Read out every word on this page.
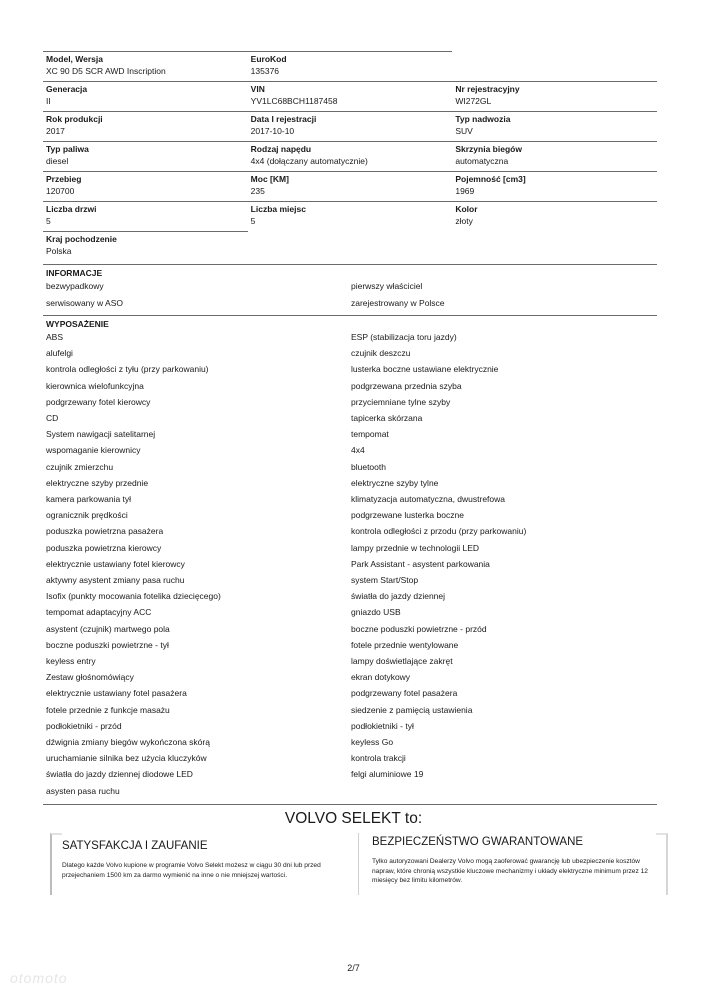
Model, Wersja
XC 90 D5 SCR AWD Inscription
EuroKod
135376
Generacja
II
VIN
YV1LC68BCH1187458
Nr rejestracyjny
WI272GL
Rok produkcji
2017
Data I rejestracji
2017-10-10
Typ nadwozia
SUV
Typ paliwa
diesel
Rodzaj napędu
4x4 (dołączany automatycznie)
Skrzynia biegów
automatyczna
Przebieg
120700
Moc [KM]
235
Pojemność [cm3]
1969
Liczba drzwi
5
Liczba miejsc
5
Kolor
złoty
Kraj pochodzenie
Polska
INFORMACJE
bezwypadkowy
serwisowany w ASO
pierwszy właściciel
zarejestrowany w Polsce
WYPOSAŻENIE
ABS
alufelgi
kontrola odległości z tyłu (przy parkowaniu)
kierownica wielofunkcyjna
podgrzewany fotel kierowcy
CD
System nawigacji satelitarnej
wspomaganie kierownicy
czujnik zmierzchu
elektryczne szyby przednie
kamera parkowania tył
ogranicznik prędkości
poduszka powietrzna pasażera
poduszka powietrzna kierowcy
elektrycznie ustawiany fotel kierowcy
aktywny asystent zmiany pasa ruchu
Isofix (punkty mocowania fotelika dziecięcego)
tempomat adaptacyjny ACC
asystent (czujnik) martwego pola
boczne poduszki powietrzne - tył
keyless entry
Zestaw głośnomówiący
elektrycznie ustawiany fotel pasażera
fotele przednie z funkcje masażu
podłokietniki - przód
dźwignia zmiany biegów wykończona skórą
uruchamianie silnika bez użycia kluczyków
światła do jazdy dziennej diodowe LED
asysten pasa ruchu
ESP (stabilizacja toru jazdy)
czujnik deszczu
lusterka boczne ustawiane elektrycznie
podgrzewana przednia szyba
przyciemniane tylne szyby
tapicerka skórzana
tempomat
4x4
bluetooth
elektryczne szyby tylne
klimatyzacja automatyczna, dwustrefowa
podgrzewane lusterka boczne
kontrola odległości z przodu (przy parkowaniu)
lampy przednie w technologii LED
Park Assistant - asystent parkowania
system Start/Stop
światła do jazdy dziennej
gniazdo USB
boczne poduszki powietrzne - przód
fotele przednie wentylowane
lampy doświetlające zakręt
ekran dotykowy
podgrzewany fotel pasażera
siedzenie z pamięcią ustawienia
podłokietniki - tył
keyless Go
kontrola trakcji
felgi aluminiowe 19
VOLVO SELEKT to:
SATYSFAKCJA I ZAUFANIE
Dlatego każde Volvo kupione w programie Volvo Selekt możesz w ciągu 30 dni lub przed przejechaniem 1500 km za darmo wymienić na inne o nie mniejszej wartości.
BEZPIECZEŃSTWO GWARANTOWANE
Tylko autoryzowani Dealerzy Volvo mogą zaoferować gwarancję lub ubezpieczenie kosztów napraw, które chronią wszystkie kluczowe mechanizmy i układy elektryczne minimum przez 12 miesięcy bez limitu kilometrów.
2/7
otomoto
